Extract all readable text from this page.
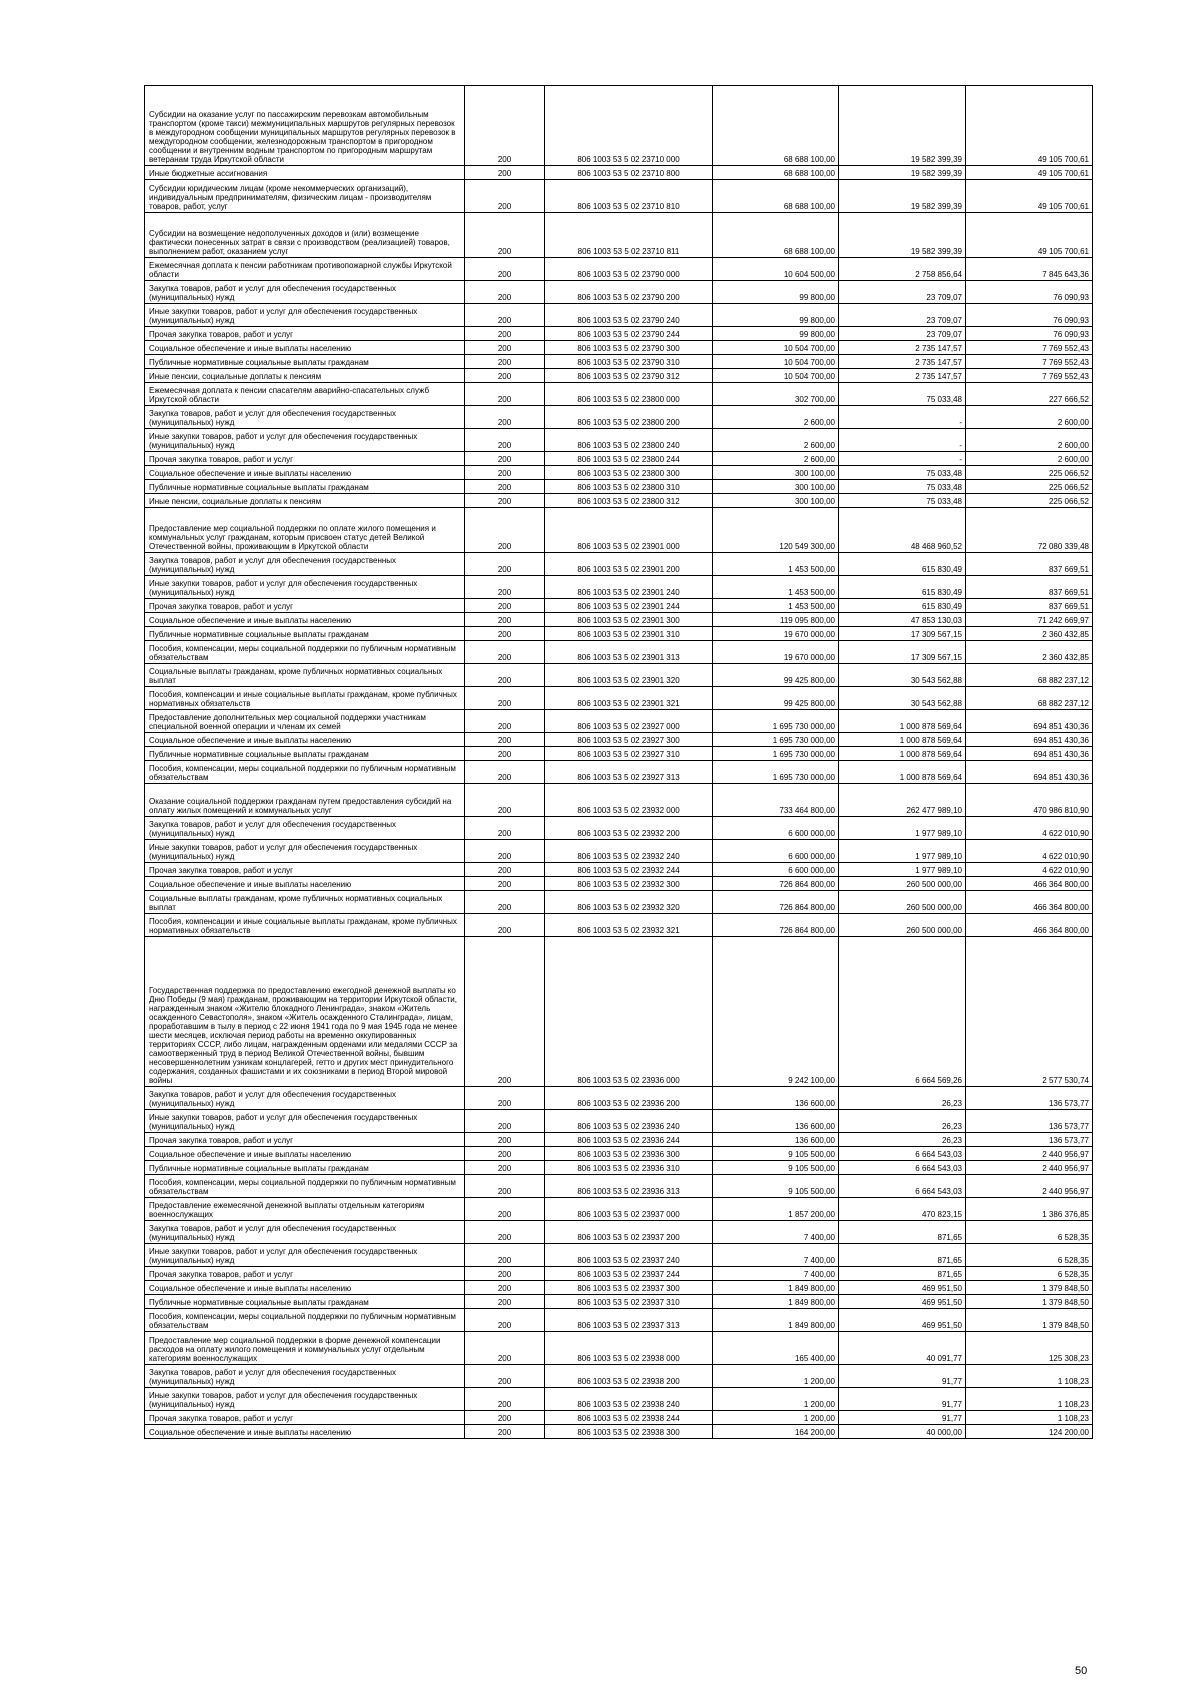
Субсидии на оказание услуг по пассажирским перевозкам автомобильным транспортом (кроме такси) межмуниципальных маршрутов регулярных перевозок в междугородном сообщении муниципальных маршрутов регулярных перевозок в междугородном сообщении, железнодорожным транспортом в пригородном сообщении и внутренним водным транспортом по пригородным маршрутам ветеранам труда Иркутской области	200	806 1003 53 5 02 23710 000	68 688 100,00	19 582 399,39	49 105 700,61
Иные бюджетные ассигнования	200	806 1003 53 5 02 23710 800	68 688 100,00	19 582 399,39	49 105 700,61
Субсидии юридическим лицам (кроме некоммерческих организаций), индивидуальным предпринимателям, физическим лицам - производителям товаров, работ, услуг	200	806 1003 53 5 02 23710 810	68 688 100,00	19 582 399,39	49 105 700,61
Субсидии на возмещение недополученных доходов и (или) возмещение фактически понесенных затрат в связи с производством (реализацией) товаров, выполнением работ, оказанием услуг	200	806 1003 53 5 02 23710 811	68 688 100,00	19 582 399,39	49 105 700,61
Ежемесячная доплата к пенсии работникам противопожарной службы Иркутской области	200	806 1003 53 5 02 23790 000	10 604 500,00	2 758 856,64	7 845 643,36
Закупка товаров, работ и услуг для обеспечения государственных (муниципальных) нужд	200	806 1003 53 5 02 23790 200	99 800,00	23 709,07	76 090,93
Иные закупки товаров, работ и услуг для обеспечения государственных (муниципальных) нужд	200	806 1003 53 5 02 23790 240	99 800,00	23 709,07	76 090,93
Прочая закупка товаров, работ и услуг	200	806 1003 53 5 02 23790 244	99 800,00	23 709,07	76 090,93
Социальное обеспечение и иные выплаты населению	200	806 1003 53 5 02 23790 300	10 504 700,00	2 735 147,57	7 769 552,43
Публичные нормативные социальные выплаты гражданам	200	806 1003 53 5 02 23790 310	10 504 700,00	2 735 147,57	7 769 552,43
Иные пенсии, социальные доплаты к пенсиям	200	806 1003 53 5 02 23790 312	10 504 700,00	2 735 147,57	7 769 552,43
Ежемесячная доплата к пенсии спасателям аварийно-спасательных служб Иркутской области	200	806 1003 53 5 02 23800 000	302 700,00	75 033,48	227 666,52
Закупка товаров, работ и услуг для обеспечения государственных (муниципальных) нужд	200	806 1003 53 5 02 23800 200	2 600,00	-	2 600,00
Иные закупки товаров, работ и услуг для обеспечения государственных (муниципальных) нужд	200	806 1003 53 5 02 23800 240	2 600,00	-	2 600,00
Прочая закупка товаров, работ и услуг	200	806 1003 53 5 02 23800 244	2 600,00	-	2 600,00
Социальное обеспечение и иные выплаты населению	200	806 1003 53 5 02 23800 300	300 100,00	75 033,48	225 066,52
Публичные нормативные социальные выплаты гражданам	200	806 1003 53 5 02 23800 310	300 100,00	75 033,48	225 066,52
Иные пенсии, социальные доплаты к пенсиям	200	806 1003 53 5 02 23800 312	300 100,00	75 033,48	225 066,52
Предоставление мер социальной поддержки по оплате жилого помещения и коммунальных услуг гражданам, которым присвоен статус детей Великой Отечественной войны, проживающим в Иркутской области	200	806 1003 53 5 02 23901 000	120 549 300,00	48 468 960,52	72 080 339,48
Закупка товаров, работ и услуг для обеспечения государственных (муниципальных) нужд	200	806 1003 53 5 02 23901 200	1 453 500,00	615 830,49	837 669,51
Иные закупки товаров, работ и услуг для обеспечения государственных (муниципальных) нужд	200	806 1003 53 5 02 23901 240	1 453 500,00	615 830,49	837 669,51
Прочая закупка товаров, работ и услуг	200	806 1003 53 5 02 23901 244	1 453 500,00	615 830,49	837 669,51
Социальное обеспечение и иные выплаты населению	200	806 1003 53 5 02 23901 300	119 095 800,00	47 853 130,03	71 242 669,97
Публичные нормативные социальные выплаты гражданам	200	806 1003 53 5 02 23901 310	19 670 000,00	17 309 567,15	2 360 432,85
Пособия, компенсации, меры социальной поддержки по публичным нормативным обязательствам	200	806 1003 53 5 02 23901 313	19 670 000,00	17 309 567,15	2 360 432,85
Социальные выплаты гражданам, кроме публичных нормативных социальных выплат	200	806 1003 53 5 02 23901 320	99 425 800,00	30 543 562,88	68 882 237,12
Пособия, компенсации и иные социальные выплаты гражданам, кроме публичных нормативных обязательств	200	806 1003 53 5 02 23901 321	99 425 800,00	30 543 562,88	68 882 237,12
Предоставление дополнительных мер социальной поддержки участникам специальной военной операции и членам их семей	200	806 1003 53 5 02 23927 000	1 695 730 000,00	1 000 878 569,64	694 851 430,36
Социальное обеспечение и иные выплаты населению	200	806 1003 53 5 02 23927 300	1 695 730 000,00	1 000 878 569,64	694 851 430,36
Публичные нормативные социальные выплаты гражданам	200	806 1003 53 5 02 23927 310	1 695 730 000,00	1 000 878 569,64	694 851 430,36
Пособия, компенсации, меры социальной поддержки по публичным нормативным обязательствам	200	806 1003 53 5 02 23927 313	1 695 730 000,00	1 000 878 569,64	694 851 430,36
Оказание социальной поддержки гражданам путем предоставления субсидий на оплату жилых помещений и коммунальных услуг	200	806 1003 53 5 02 23932 000	733 464 800,00	262 477 989,10	470 986 810,90
Закупка товаров, работ и услуг для обеспечения государственных (муниципальных) нужд	200	806 1003 53 5 02 23932 200	6 600 000,00	1 977 989,10	4 622 010,90
Иные закупки товаров, работ и услуг для обеспечения государственных (муниципальных) нужд	200	806 1003 53 5 02 23932 240	6 600 000,00	1 977 989,10	4 622 010,90
Прочая закупка товаров, работ и услуг	200	806 1003 53 5 02 23932 244	6 600 000,00	1 977 989,10	4 622 010,90
Социальное обеспечение и иные выплаты населению	200	806 1003 53 5 02 23932 300	726 864 800,00	260 500 000,00	466 364 800,00
Социальные выплаты гражданам, кроме публичных нормативных социальных выплат	200	806 1003 53 5 02 23932 320	726 864 800,00	260 500 000,00	466 364 800,00
Пособия, компенсации и иные социальные выплаты гражданам, кроме публичных нормативных обязательств	200	806 1003 53 5 02 23932 321	726 864 800,00	260 500 000,00	466 364 800,00
Государственная поддержка по предоставлению ежегодной денежной выплаты ко Дню Победы (9 мая) гражданам, проживающим на территории Иркутской области, награжденным знаком «Жителю блокадного Ленинграда», знаком «Житель осажденного Севастополя», знаком «Житель осажденного Сталинграда», лицам, проработавшим в тылу в период с 22 июня 1941 года по 9 мая 1945 года не менее шести месяцев, исключая период работы на временно оккупированных территориях СССР, либо лицам, награжденным орденами или медалями СССР за самоотверженный труд в период Великой Отечественной войны, бывшим несовершеннолетним узникам концлагерей, гетто и других мест принудительного содержания, созданных фашистами и их союзниками в период Второй мировой войны	200	806 1003 53 5 02 23936 000	9 242 100,00	6 664 569,26	2 577 530,74
Закупка товаров, работ и услуг для обеспечения государственных (муниципальных) нужд	200	806 1003 53 5 02 23936 200	136 600,00	26,23	136 573,77
Иные закупки товаров, работ и услуг для обеспечения государственных (муниципальных) нужд	200	806 1003 53 5 02 23936 240	136 600,00	26,23	136 573,77
Прочая закупка товаров, работ и услуг	200	806 1003 53 5 02 23936 244	136 600,00	26,23	136 573,77
Социальное обеспечение и иные выплаты населению	200	806 1003 53 5 02 23936 300	9 105 500,00	6 664 543,03	2 440 956,97
Публичные нормативные социальные выплаты гражданам	200	806 1003 53 5 02 23936 310	9 105 500,00	6 664 543,03	2 440 956,97
Пособия, компенсации, меры социальной поддержки по публичным нормативным обязательствам	200	806 1003 53 5 02 23936 313	9 105 500,00	6 664 543,03	2 440 956,97
Предоставление ежемесячной денежной выплаты отдельным категориям военнослужащих	200	806 1003 53 5 02 23937 000	1 857 200,00	470 823,15	1 386 376,85
Закупка товаров, работ и услуг для обеспечения государственных (муниципальных) нужд	200	806 1003 53 5 02 23937 200	7 400,00	871,65	6 528,35
Иные закупки товаров, работ и услуг для обеспечения государственных (муниципальных) нужд	200	806 1003 53 5 02 23937 240	7 400,00	871,65	6 528,35
Прочая закупка товаров, работ и услуг	200	806 1003 53 5 02 23937 244	7 400,00	871,65	6 528,35
Социальное обеспечение и иные выплаты населению	200	806 1003 53 5 02 23937 300	1 849 800,00	469 951,50	1 379 848,50
Публичные нормативные социальные выплаты гражданам	200	806 1003 53 5 02 23937 310	1 849 800,00	469 951,50	1 379 848,50
Пособия, компенсации, меры социальной поддержки по публичным нормативным обязательствам	200	806 1003 53 5 02 23937 313	1 849 800,00	469 951,50	1 379 848,50
Предоставление мер социальной поддержки в форме денежной компенсации расходов на оплату жилого помещения и коммунальных услуг отдельным категориям военнослужащих	200	806 1003 53 5 02 23938 000	165 400,00	40 091,77	125 308,23
Закупка товаров, работ и услуг для обеспечения государственных (муниципальных) нужд	200	806 1003 53 5 02 23938 200	1 200,00	91,77	1 108,23
Иные закупки товаров, работ и услуг для обеспечения государственных (муниципальных) нужд	200	806 1003 53 5 02 23938 240	1 200,00	91,77	1 108,23
Прочая закупка товаров, работ и услуг	200	806 1003 53 5 02 23938 244	1 200,00	91,77	1 108,23
Социальное обеспечение и иные выплаты населению	200	806 1003 53 5 02 23938 300	164 200,00	40 000,00	124 200,00
50
